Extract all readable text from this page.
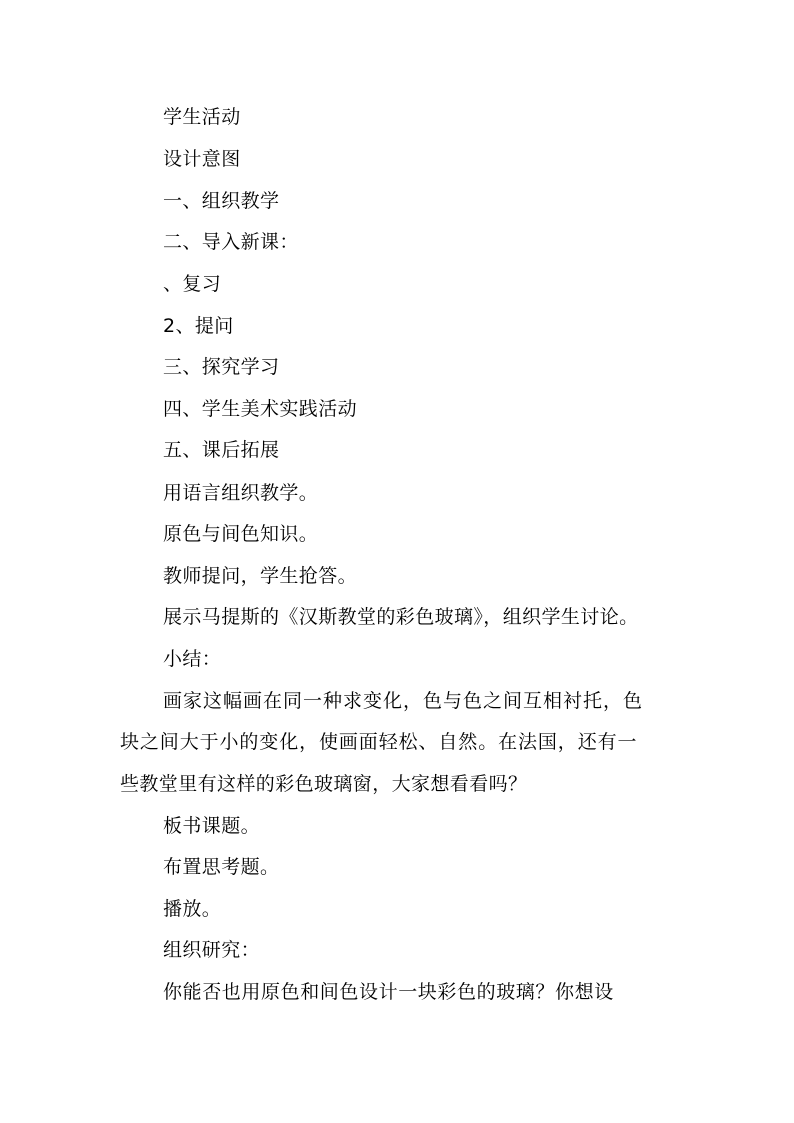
学生活动
设计意图
一、组织教学
二、导入新课：
、复习
2、提问
三、探究学习
四、学生美术实践活动
五、课后拓展
用语言组织教学。
原色与间色知识。
教师提问，学生抢答。
展示马提斯的《汉斯教堂的彩色玻璃》，组织学生讨论。
小结：
画家这幅画在同一种求变化，色与色之间互相衬托，色
块之间大于小的变化，使画面轻松、自然。在法国，还有一
些教堂里有这样的彩色玻璃窗，大家想看看吗？
板书课题。
布置思考题。
播放。
组织研究：
你能否也用原色和间色设计一块彩色的玻璃？你想设
